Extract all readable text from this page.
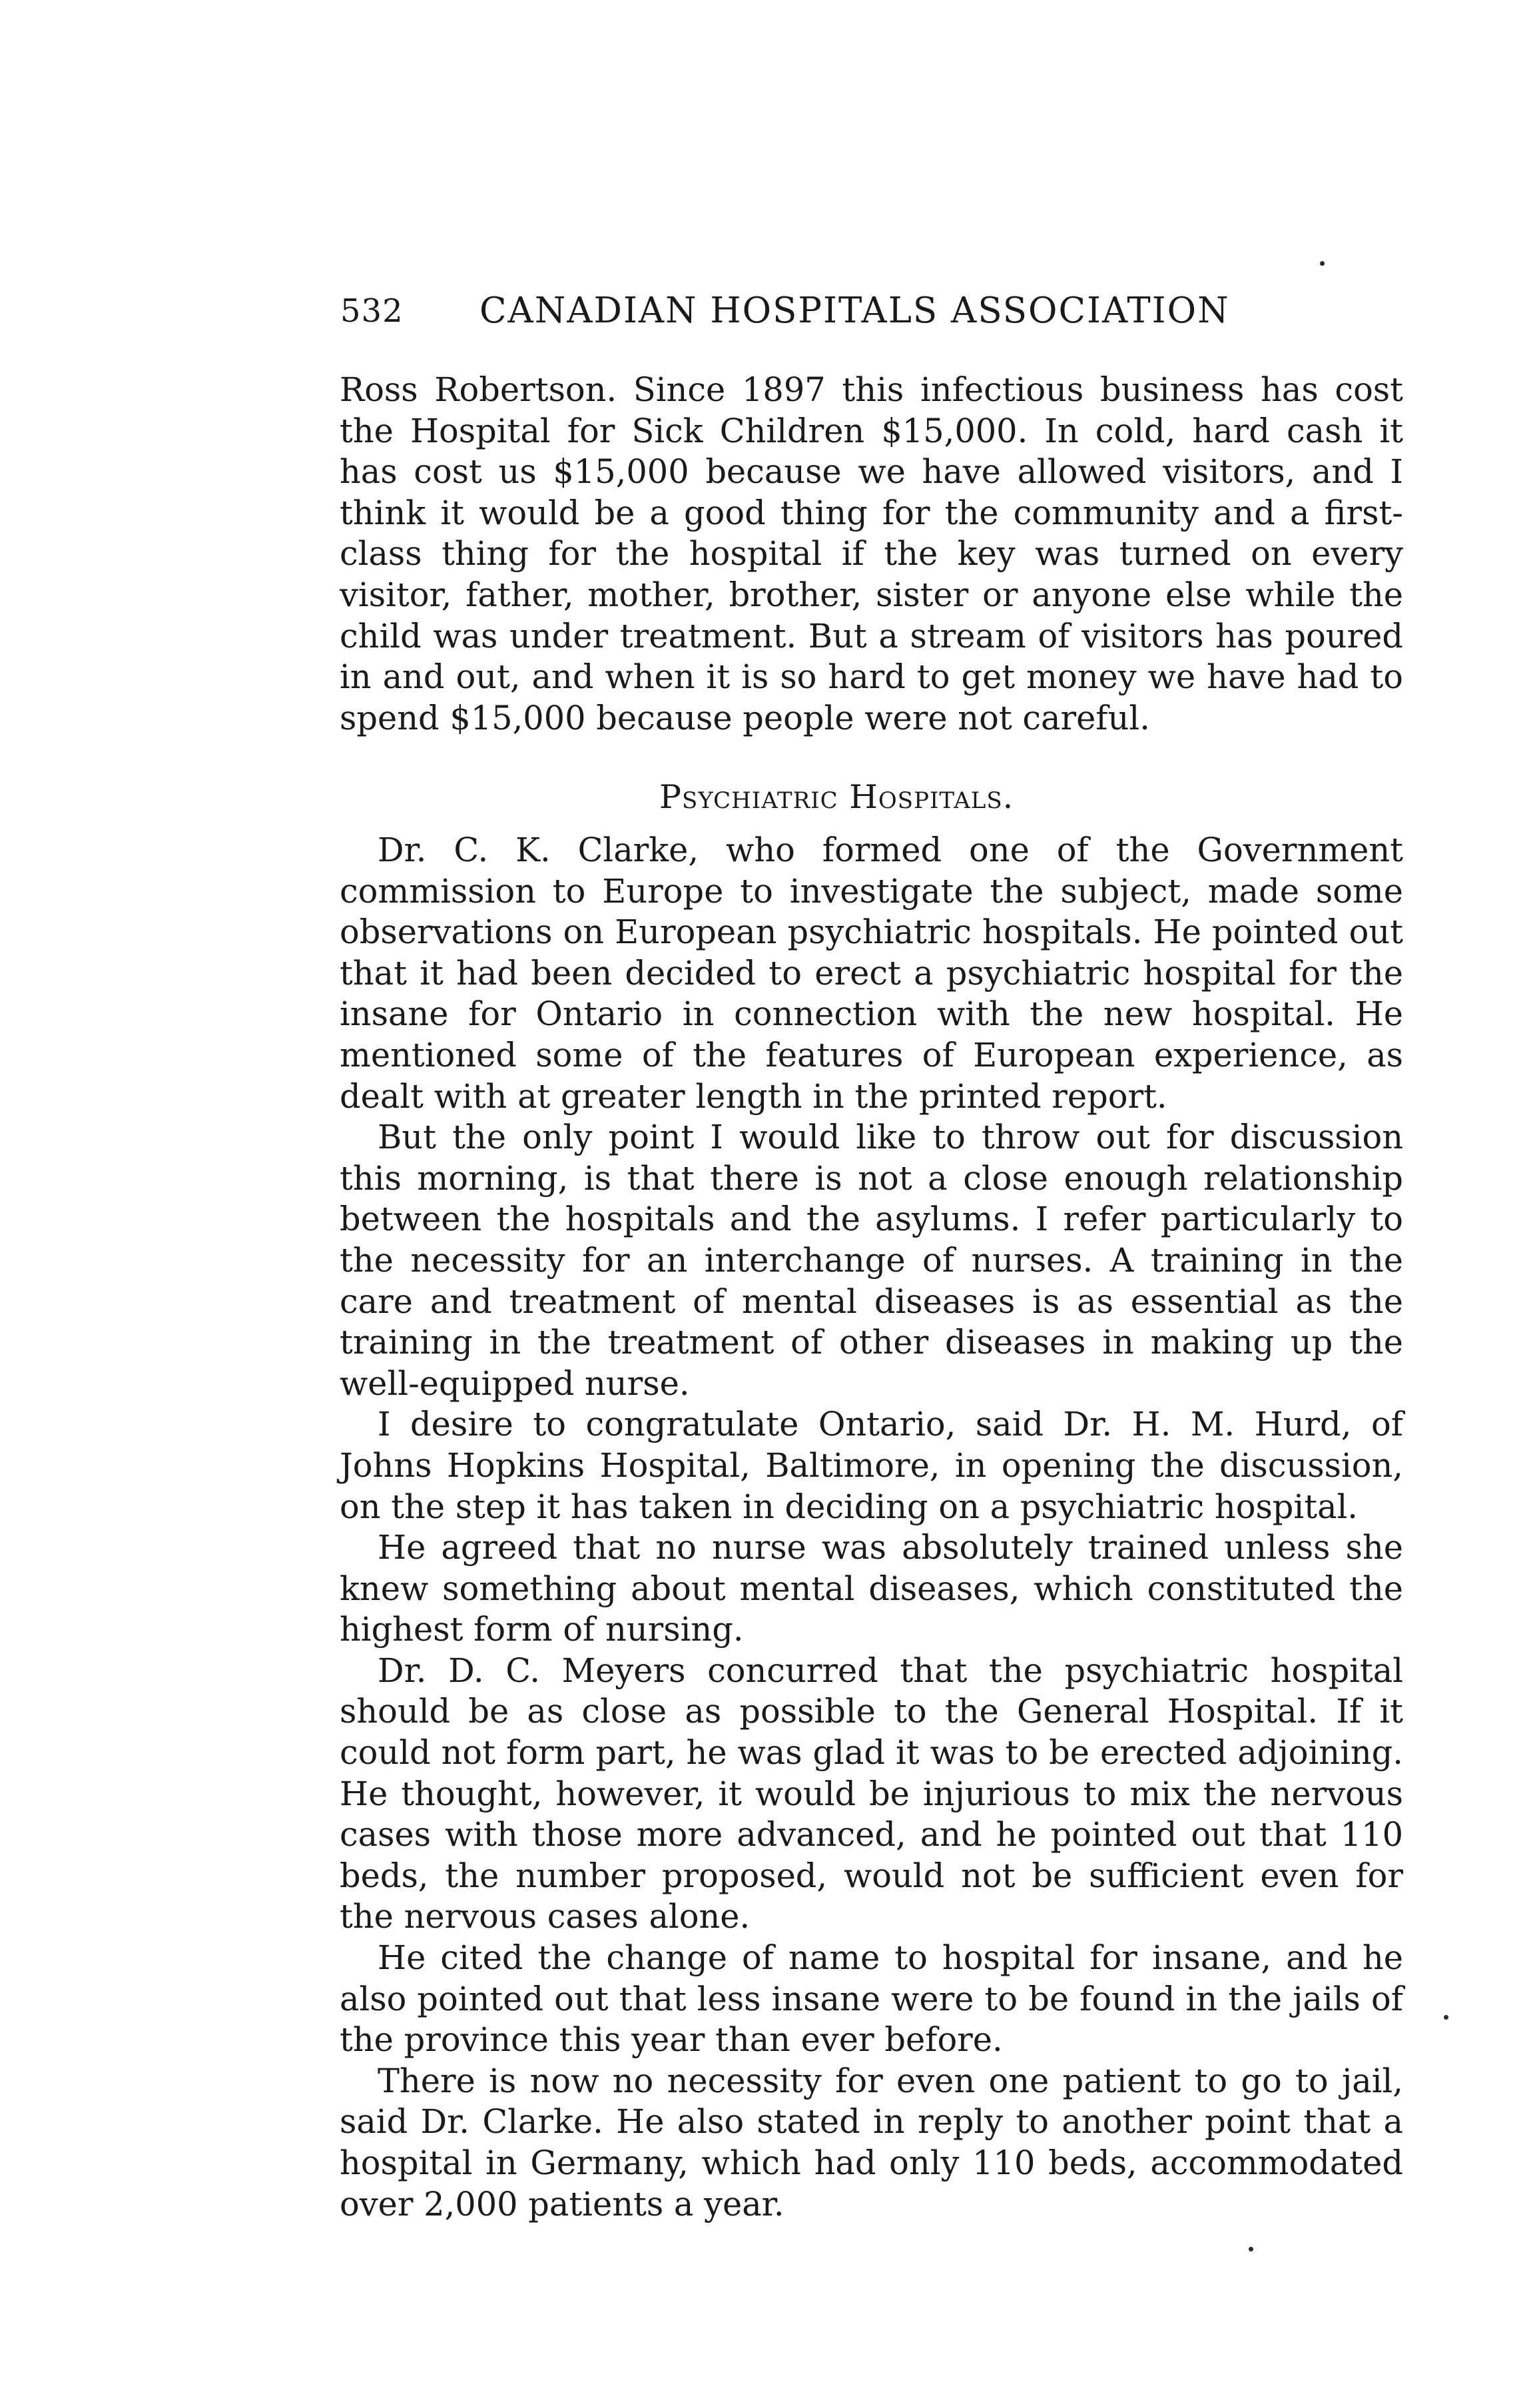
532 CANADIAN HOSPITALS ASSOCIATION

Ross Robertson. Since 1897 this infectious business has cost the Hospital for Sick Children $15,000. In cold, hard cash it has cost us $15,000 because we have allowed visitors, and I think it would be a good thing for the community and a first-class thing for the hospital if the key was turned on every visitor, father, mother, brother, sister or anyone else while the child was under treatment. But a stream of visitors has poured in and out, and when it is so hard to get money we have had to spend $15,000 because people were not careful.

Psychiatric Hospitals.

Dr. C. K. Clarke, who formed one of the Government commission to Europe to investigate the subject, made some observations on European psychiatric hospitals. He pointed out that it had been decided to erect a psychiatric hospital for the insane for Ontario in connection with the new hospital. He mentioned some of the features of European experience, as dealt with at greater length in the printed report.

But the only point I would like to throw out for discussion this morning, is that there is not a close enough relationship between the hospitals and the asylums. I refer particularly to the necessity for an interchange of nurses. A training in the care and treatment of mental diseases is as essential as the training in the treatment of other diseases in making up the well-equipped nurse.

I desire to congratulate Ontario, said Dr. H. M. Hurd, of Johns Hopkins Hospital, Baltimore, in opening the discussion, on the step it has taken in deciding on a psychiatric hospital.

He agreed that no nurse was absolutely trained unless she knew something about mental diseases, which constituted the highest form of nursing.

Dr. D. C. Meyers concurred that the psychiatric hospital should be as close as possible to the General Hospital. If it could not form part, he was glad it was to be erected adjoining. He thought, however, it would be injurious to mix the nervous cases with those more advanced, and he pointed out that 110 beds, the number proposed, would not be sufficient even for the nervous cases alone.

He cited the change of name to hospital for insane, and he also pointed out that less insane were to be found in the jails of the province this year than ever before.

There is now no necessity for even one patient to go to jail, said Dr. Clarke. He also stated in reply to another point that a hospital in Germany, which had only 110 beds, accommodated over 2,000 patients a year.
